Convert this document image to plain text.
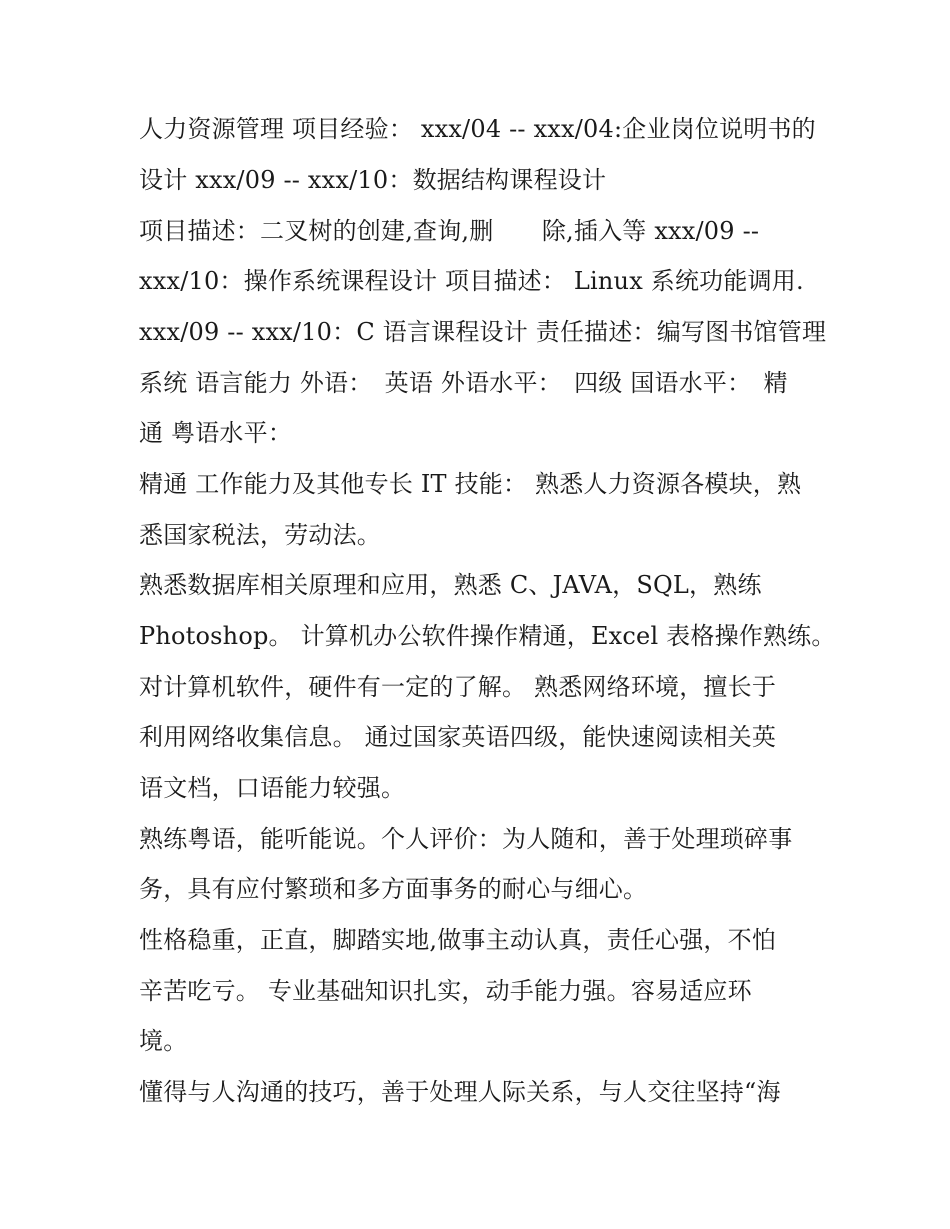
人力资源管理 项目经验： xxx/04 -- xxx/04:企业岗位说明书的
设计 xxx/09 -- xxx/10：数据结构课程设计
项目描述：二叉树的创建,查询,删　　除,插入等 xxx/09 --
xxx/10：操作系统课程设计 项目描述： Linux 系统功能调用.
xxx/09 -- xxx/10：C 语言课程设计 责任描述：编写图书馆管理
系统 语言能力 外语：　英语 外语水平：　四级 国语水平：　精
通 粤语水平：
精通 工作能力及其他专长 IT 技能： 熟悉人力资源各模块，熟
悉国家税法，劳动法。
熟悉数据库相关原理和应用，熟悉 C、JAVA，SQL，熟练
Photoshop。 计算机办公软件操作精通，Excel 表格操作熟练。
对计算机软件，硬件有一定的了解。 熟悉网络环境，擅长于
利用网络收集信息。 通过国家英语四级，能快速阅读相关英
语文档，口语能力较强。
熟练粤语，能听能说。个人评价：为人随和，善于处理琐碎事
务，具有应付繁琐和多方面事务的耐心与细心。
性格稳重，正直，脚踏实地,做事主动认真，责任心强，不怕
辛苦吃亏。 专业基础知识扎实，动手能力强。容易适应环
境。
懂得与人沟通的技巧，善于处理人际关系，与人交往坚持“海
